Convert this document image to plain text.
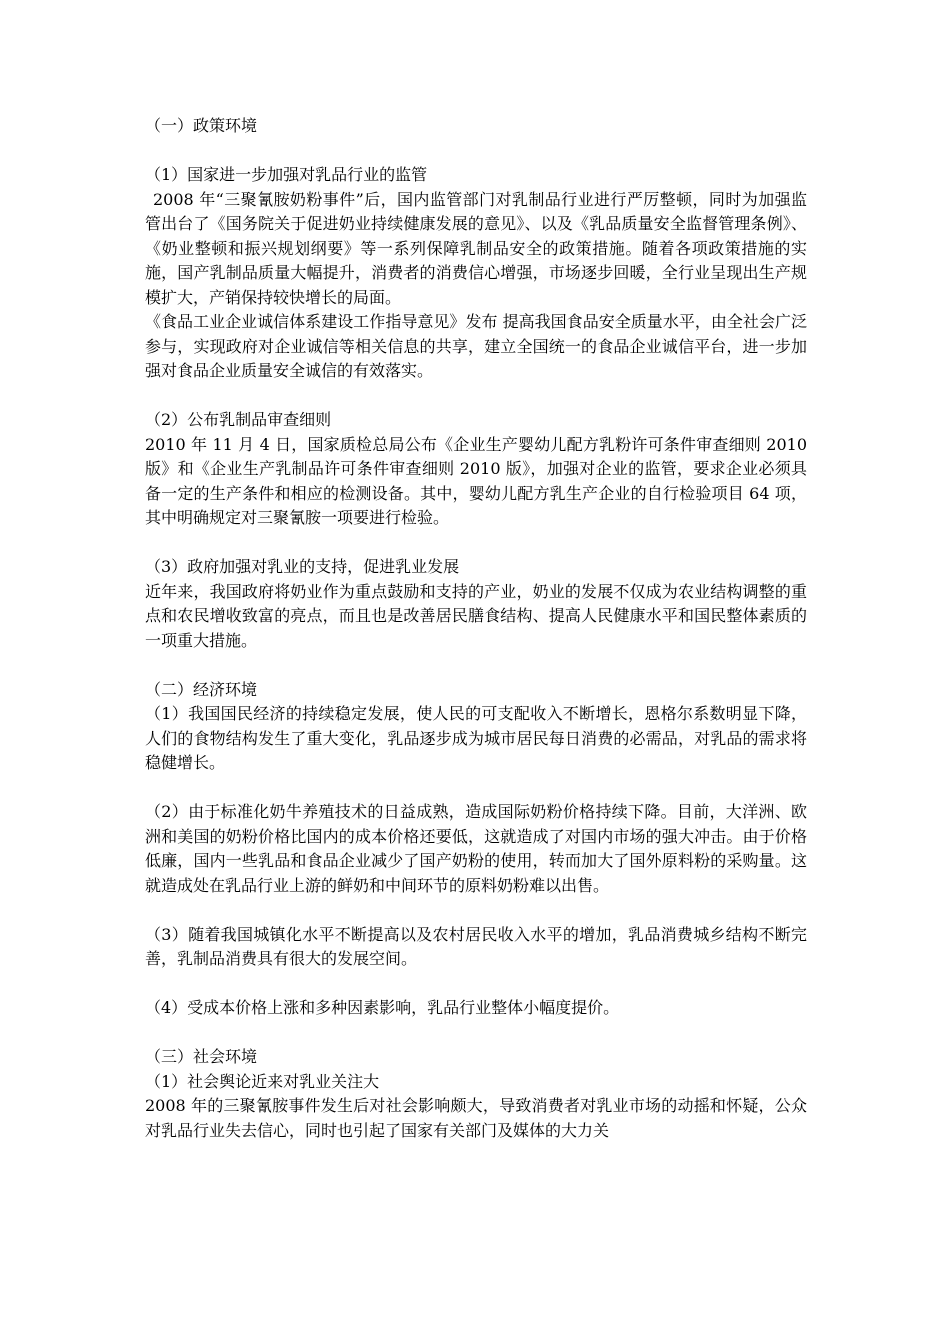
（一）政策环境

（1）国家进一步加强对乳品行业的监管

2008 年“三聚氰胺奶粉事件”后，国内监管部门对乳制品行业进行严厉整顿，同时为加强监管出台了《国务院关于促进奶业持续健康发展的意见》、以及《乳品质量安全监督管理条例》、《奶业整顿和振兴规划纲要》等一系列保障乳制品安全的政策措施。随着各项政策措施的实施，国产乳制品质量大幅提升，消费者的消费信心增强，市场逐步回暖，全行业呈现出生产规模扩大，产销保持较快增长的局面。

《食品工业企业诚信体系建设工作指导意见》发布 提高我国食品安全质量水平，由全社会广泛参与，实现政府对企业诚信等相关信息的共享，建立全国统一的食品企业诚信平台，进一步加强对食品企业质量安全诚信的有效落实。

（2）公布乳制品审查细则

2010 年 11 月 4 日，国家质检总局公布《企业生产婴幼儿配方乳粉许可条件审查细则 2010 版》和《企业生产乳制品许可条件审查细则 2010 版》，加强对企业的监管，要求企业必须具备一定的生产条件和相应的检测设备。其中，婴幼儿配方乳生产企业的自行检验项目 64 项，其中明确规定对三聚氰胺一项要进行检验。

（3）政府加强对乳业的支持，促进乳业发展

近年来，我国政府将奶业作为重点鼓励和支持的产业，奶业的发展不仅成为农业结构调整的重点和农民增收致富的亮点，而且也是改善居民膳食结构、提高人民健康水平和国民整体素质的一项重大措施。

（二）经济环境

（1）我国国民经济的持续稳定发展，使人民的可支配收入不断增长，恩格尔系数明显下降，人们的食物结构发生了重大变化，乳品逐步成为城市居民每日消费的必需品，对乳品的需求将稳健增长。

（2）由于标准化奶牛养殖技术的日益成熟，造成国际奶粉价格持续下降。目前，大洋洲、欧洲和美国的奶粉价格比国内的成本价格还要低，这就造成了对国内市场的强大冲击。由于价格低廉，国内一些乳品和食品企业减少了国产奶粉的使用，转而加大了国外原料粉的采购量。这就造成处在乳品行业上游的鲜奶和中间环节的原料奶粉难以出售。

（3）随着我国城镇化水平不断提高以及农村居民收入水平的增加，乳品消费城乡结构不断完善，乳制品消费具有很大的发展空间。

（4）受成本价格上涨和多种因素影响，乳品行业整体小幅度提价。

（三）社会环境

（1）社会舆论近来对乳业关注大

2008 年的三聚氰胺事件发生后对社会影响颇大，导致消费者对乳业市场的动摇和怀疑，公众对乳品行业失去信心，同时也引起了国家有关部门及媒体的大力关
